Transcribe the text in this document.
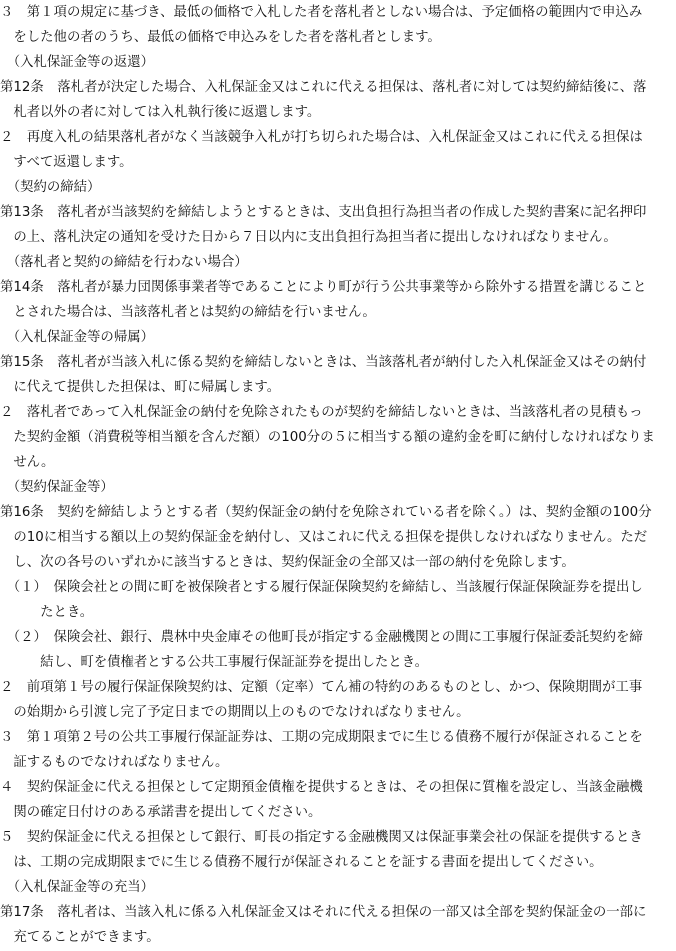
３　第１項の規定に基づき、最低の価格で入札した者を落札者としない場合は、予定価格の範囲内で申込み
　をした他の者のうち、最低の価格で申込みをした者を落札者とします。
　（入札保証金等の返還）
第12条　落札者が決定した場合、入札保証金又はこれに代える担保は、落札者に対しては契約締結後に、落
　札者以外の者に対しては入札執行後に返還します。
２　再度入札の結果落札者がなく当該競争入札が打ち切られた場合は、入札保証金又はこれに代える担保は
　すべて返還します。
　（契約の締結）
第13条　落札者が当該契約を締結しようとするときは、支出負担行為担当者の作成した契約書案に記名押印
　の上、落札決定の通知を受けた日から７日以内に支出負担行為担当者に提出しなければなりません。
　（落札者と契約の締結を行わない場合）
第14条　落札者が暴力団関係事業者等であることにより町が行う公共事業等から除外する措置を講じること
　とされた場合は、当該落札者とは契約の締結を行いません。
　（入札保証金等の帰属）
第15条　落札者が当該入札に係る契約を締結しないときは、当該落札者が納付した入札保証金又はその納付
　に代えて提供した担保は、町に帰属します。
２　落札者であって入札保証金の納付を免除されたものが契約を締結しないときは、当該落札者の見積もっ
　た契約金額（消費税等相当額を含んだ額）の100分の５に相当する額の違約金を町に納付しなければなりま
　せん。
　（契約保証金等）
第16条　契約を締結しようとする者（契約保証金の納付を免除されている者を除く。）は、契約金額の100分
　の10に相当する額以上の契約保証金を納付し、又はこれに代える担保を提供しなければなりません。ただ
　し、次の各号のいずれかに該当するときは、契約保証金の全部又は一部の納付を免除します。
　（１）　保険会社との間に町を被保険者とする履行保証保険契約を締結し、当該履行保証保険証券を提出し
　　　たとき。
　（２）　保険会社、銀行、農林中央金庫その他町長が指定する金融機関との間に工事履行保証委託契約を締
　　　結し、町を債権者とする公共工事履行保証証券を提出したとき。
２　前項第１号の履行保証保険契約は、定額（定率）てん補の特約のあるものとし、かつ、保険期間が工事
　の始期から引渡し完了予定日までの期間以上のものでなければなりません。
３　第１項第２号の公共工事履行保証証券は、工期の完成期限までに生じる債務不履行が保証されることを
　証するものでなければなりません。
４　契約保証金に代える担保として定期預金債権を提供するときは、その担保に質権を設定し、当該金融機
　関の確定日付けのある承諾書を提出してください。
５　契約保証金に代える担保として銀行、町長の指定する金融機関又は保証事業会社の保証を提供するとき
　は、工期の完成期限までに生じる債務不履行が保証されることを証する書面を提出してください。
　（入札保証金等の充当）
第17条　落札者は、当該入札に係る入札保証金又はそれに代える担保の一部又は全部を契約保証金の一部に
　充てることができます。
